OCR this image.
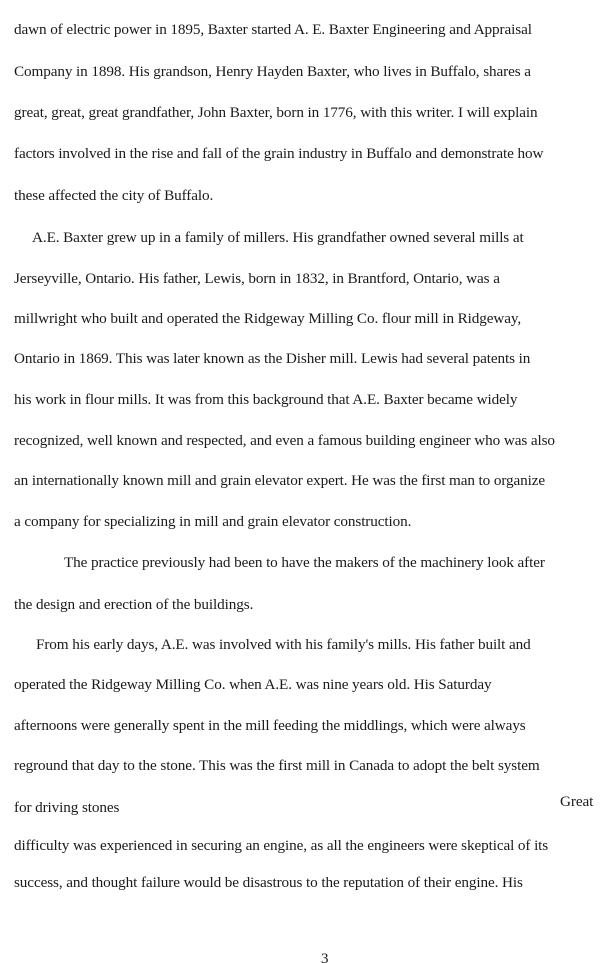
dawn of electric power in 1895, Baxter started A. E. Baxter Engineering and Appraisal
Company in 1898. His grandson, Henry Hayden Baxter, who lives in Buffalo, shares a
great, great, great grandfather, John Baxter, born in 1776, with this writer. I will explain
factors involved in the rise and fall of the grain industry in Buffalo and demonstrate how
these affected the city of Buffalo.
A.E. Baxter grew up in a family of millers. His grandfather owned several mills at
Jerseyville, Ontario. His father, Lewis, born in 1832, in Brantford, Ontario, was a
millwright who built and operated the Ridgeway Milling Co. flour mill in Ridgeway,
Ontario in 1869. This was later known as the Disher mill. Lewis had several patents in
his work in flour mills. It was from this background that A.E. Baxter became widely
recognized, well known and respected, and even a famous building engineer who was also
an internationally known mill and grain elevator expert. He was the first man to organize
a company for specializing in mill and grain elevator construction.
The practice previously had been to have the makers of the machinery look after
the design and erection of the buildings.
From his early days, A.E. was involved with his family's mills. His father built and
operated the Ridgeway Milling Co. when A.E. was nine years old. His Saturday
afternoons were generally spent in the mill feeding the middlings, which were always
reground that day to the stone. This was the first mill in Canada to adopt the belt system
for driving stones	Great
difficulty was experienced in securing an engine, as all the engineers were skeptical of its
success, and thought failure would be disastrous to the reputation of their engine. His
3
